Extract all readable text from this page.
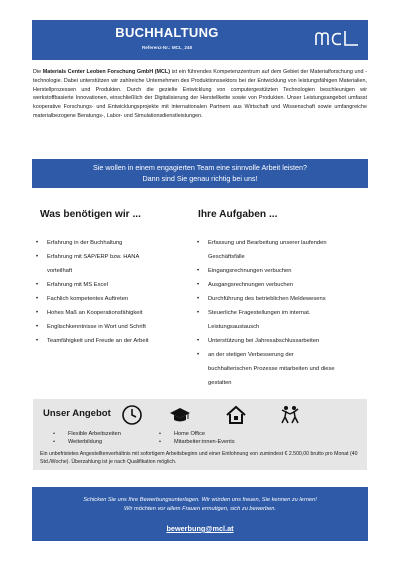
BUCHHALTUNG
Referenz-Nr.: MCL_248
Die Materials Center Leoben Forschung GmbH (MCL) ist ein führendes Kompetenzzentrum auf dem Gebiet der Materialforschung und -technologie. Dabei unterstützen wir zahlreiche Unternehmen des Produktionssektors bei der Entwicklung von leistungsfähigen Materialien, Herstellprozessen und Produkten. Durch die gezielte Entwicklung von computergestützten Technologien beschleunigen wir werkstoffbasierte Innovationen, einschließlich der Digitalisierung der Herstellkette sowie von Produkten. Unser Leistungsangebot umfasst kooperative Forschungs- und Entwicklungsprojekte mit internationalen Partnern aus Wirtschaft und Wissenschaft sowie umfangreiche materialbezogene Beratungs-, Labor- und Simulationsdienstleistungen.
Sie wollen in einem engagierten Team eine sinnvolle Arbeit leisten?
Dann sind Sie genau richtig bei uns!
Was benötigen wir ...
• Erfahrung in der Buchhaltung
• Erfahrung mit SAP/ERP bzw. HANA
vorteilhaft
• Erfahrung mit MS Excel
• Fachlich kompetentes Auftreten
• Hohes Maß an Kooperationsfähigkeit
• Englischkenntnisse in Wort und Schrift
• Teamfähigkeit und Freude an der Arbeit
Ihre Aufgaben ...
• Erfassung und Bearbeitung unserer laufenden
Geschäftsfälle
• Eingangsrechnungen verbuchen
• Ausgangsrechnungen verbuchen
• Durchführung des betrieblichen Meldewesens
• Steuerliche Fragestellungen im internat.
Leistungsaustausch
• Unterstützung bei Jahresabschlussarbeiten
• an der stetigen Verbesserung der
buchhalterischen Prozesse mitarbeiten und diese
gestalten
Unser Angebot
• Flexible Arbeitszeiten
• Weiterbildung
• Home Office
• Mitarbeiter:innen-Events
Ein unbefristetes Angestelltenverhältnis mit sofortigem Arbeitsbeginn und einer Entlohnung von zumindest € 2.500,00 brutto pro Monat (40 Std./Woche). Überzahlung ist je nach Qualifikation möglich.
Schicken Sie uns Ihre Bewerbungsunterlagen. Wir würden uns freuen, Sie kennen zu lernen!
Wir möchten vor allem Frauen ermutigen, sich zu bewerben.
bewerbung@mcl.at
